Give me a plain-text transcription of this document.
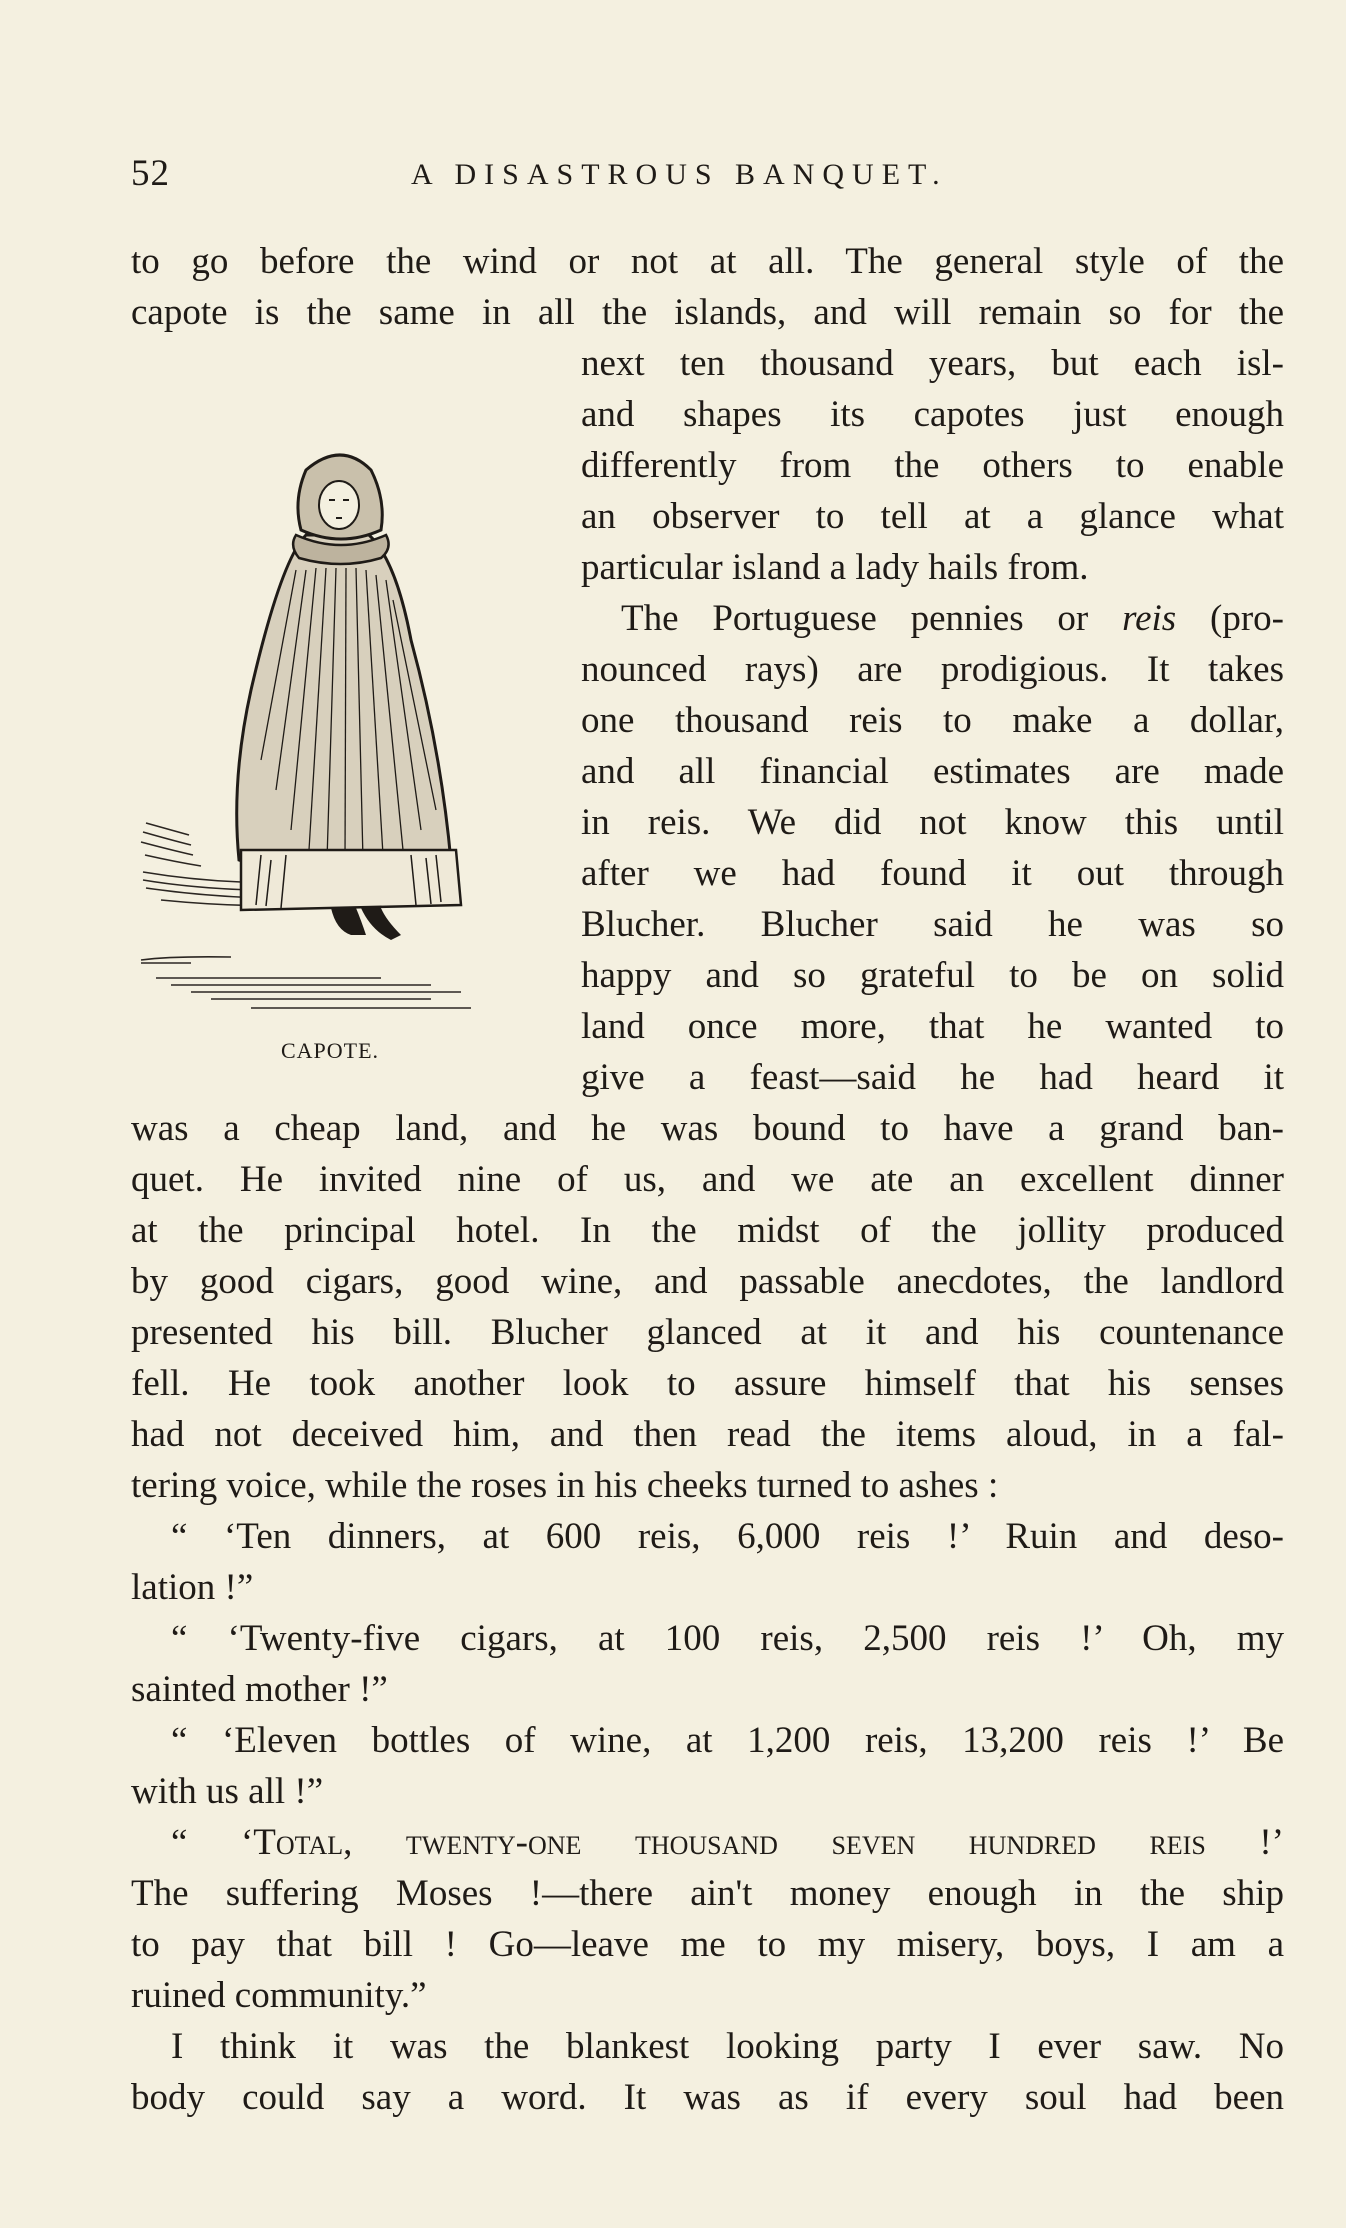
52	A DISASTROUS BANQUET.
CAPOTE.
to go before the wind or not at all. The general style of the
capote is the same in all the islands, and will remain so for the
next ten thousand years, but each isl-
and shapes its capotes just enough
differently from the others to enable
an observer to tell at a glance what
particular island a lady hails from.
The Portuguese pennies or reis (pro-
nounced rays) are prodigious. It takes
one thousand reis to make a dollar,
and all financial estimates are made
in reis. We did not know this until
after we had found it out through
Blucher. Blucher said he was so
happy and so grateful to be on solid
land once more, that he wanted to
give a feast—said he had heard it
was a cheap land, and he was bound to have a grand ban-
quet. He invited nine of us, and we ate an excellent dinner
at the principal hotel. In the midst of the jollity produced
by good cigars, good wine, and passable anecdotes, the landlord
presented his bill. Blucher glanced at it and his countenance
fell. He took another look to assure himself that his senses
had not deceived him, and then read the items aloud, in a fal-
tering voice, while the roses in his cheeks turned to ashes :
“ ‘Ten dinners, at 600 reis, 6,000 reis !’ Ruin and deso-
lation !”
“ ‘Twenty-five cigars, at 100 reis, 2,500 reis !’ Oh, my
sainted mother !”
“ ‘Eleven bottles of wine, at 1,200 reis, 13,200 reis !’ Be
with us all !”
“ ‘Total, twenty-one thousand seven hundred reis !’
The suffering Moses !—there ain't money enough in the ship
to pay that bill ! Go—leave me to my misery, boys, I am a
ruined community.”
I think it was the blankest looking party I ever saw. No
body could say a word. It was as if every soul had been
